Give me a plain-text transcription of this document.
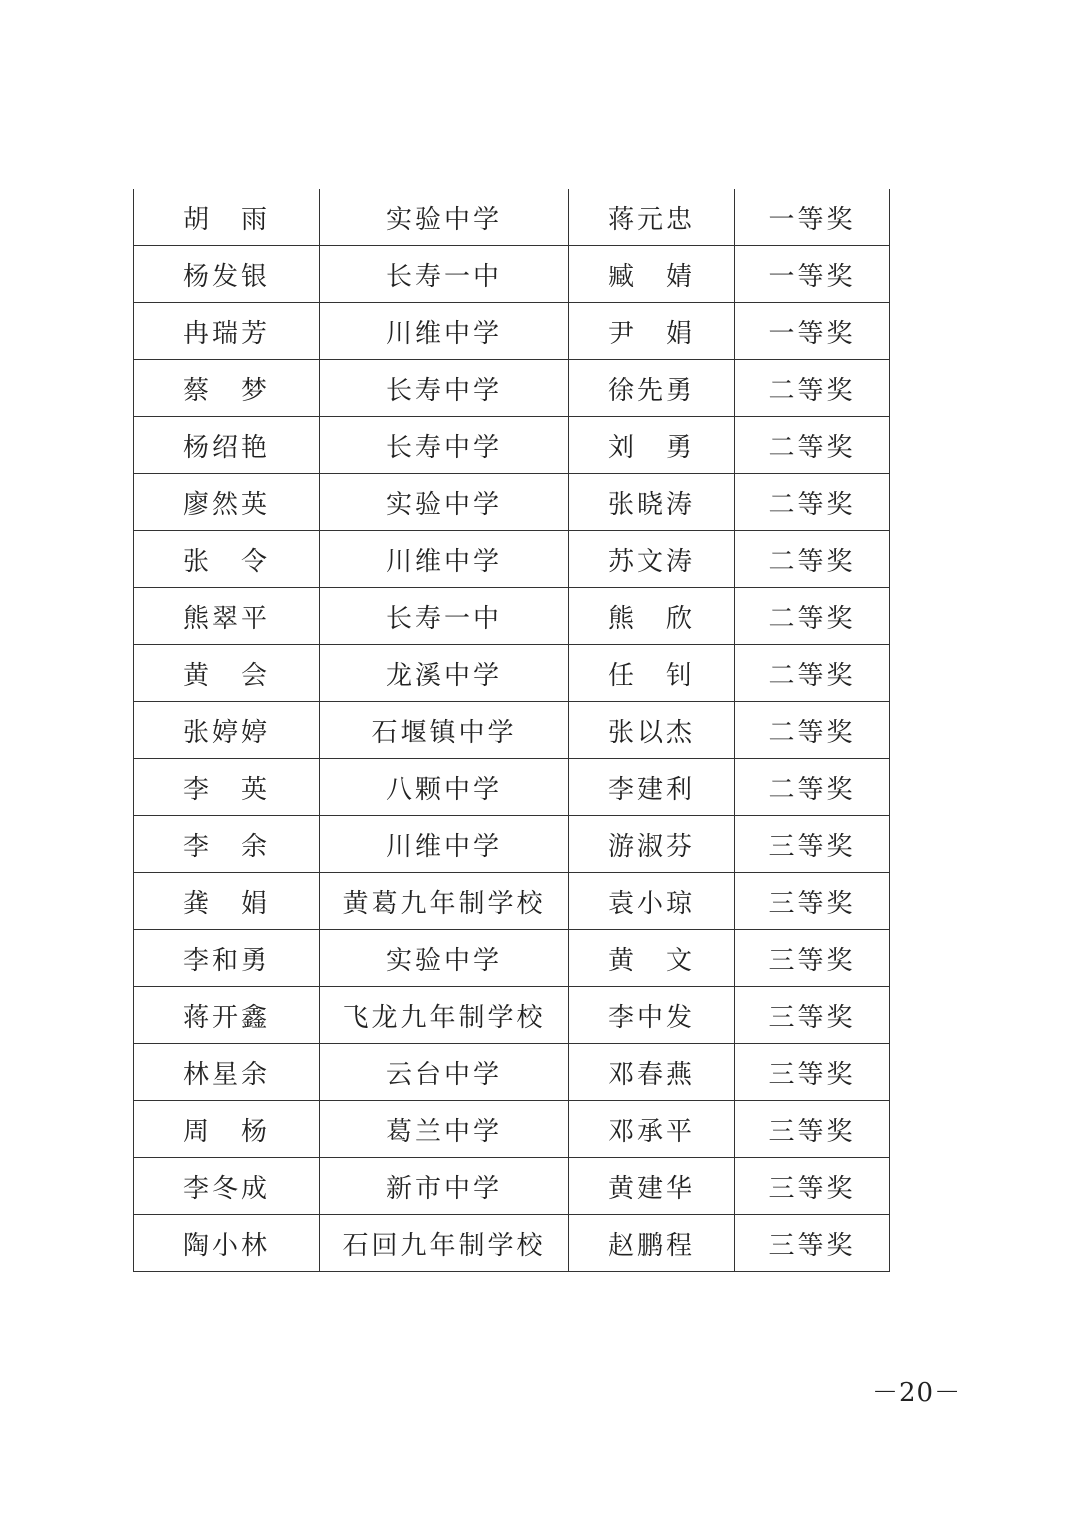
胡　雨	实验中学	蒋元忠	一等奖
杨发银	长寿一中	臧　婧	一等奖
冉瑞芳	川维中学	尹　娟	一等奖
蔡　梦	长寿中学	徐先勇	二等奖
杨绍艳	长寿中学	刘　勇	二等奖
廖然英	实验中学	张晓涛	二等奖
张　令	川维中学	苏文涛	二等奖
熊翠平	长寿一中	熊　欣	二等奖
黄　会	龙溪中学	任　钊	二等奖
张婷婷	石堰镇中学	张以杰	二等奖
李　英	八颗中学	李建利	二等奖
李　余	川维中学	游淑芬	三等奖
龚　娟	黄葛九年制学校	袁小琼	三等奖
李和勇	实验中学	黄　文	三等奖
蒋开鑫	飞龙九年制学校	李中发	三等奖
林星余	云台中学	邓春燕	三等奖
周　杨	葛兰中学	邓承平	三等奖
李冬成	新市中学	黄建华	三等奖
陶小林	石回九年制学校	赵鹏程	三等奖
－20－
